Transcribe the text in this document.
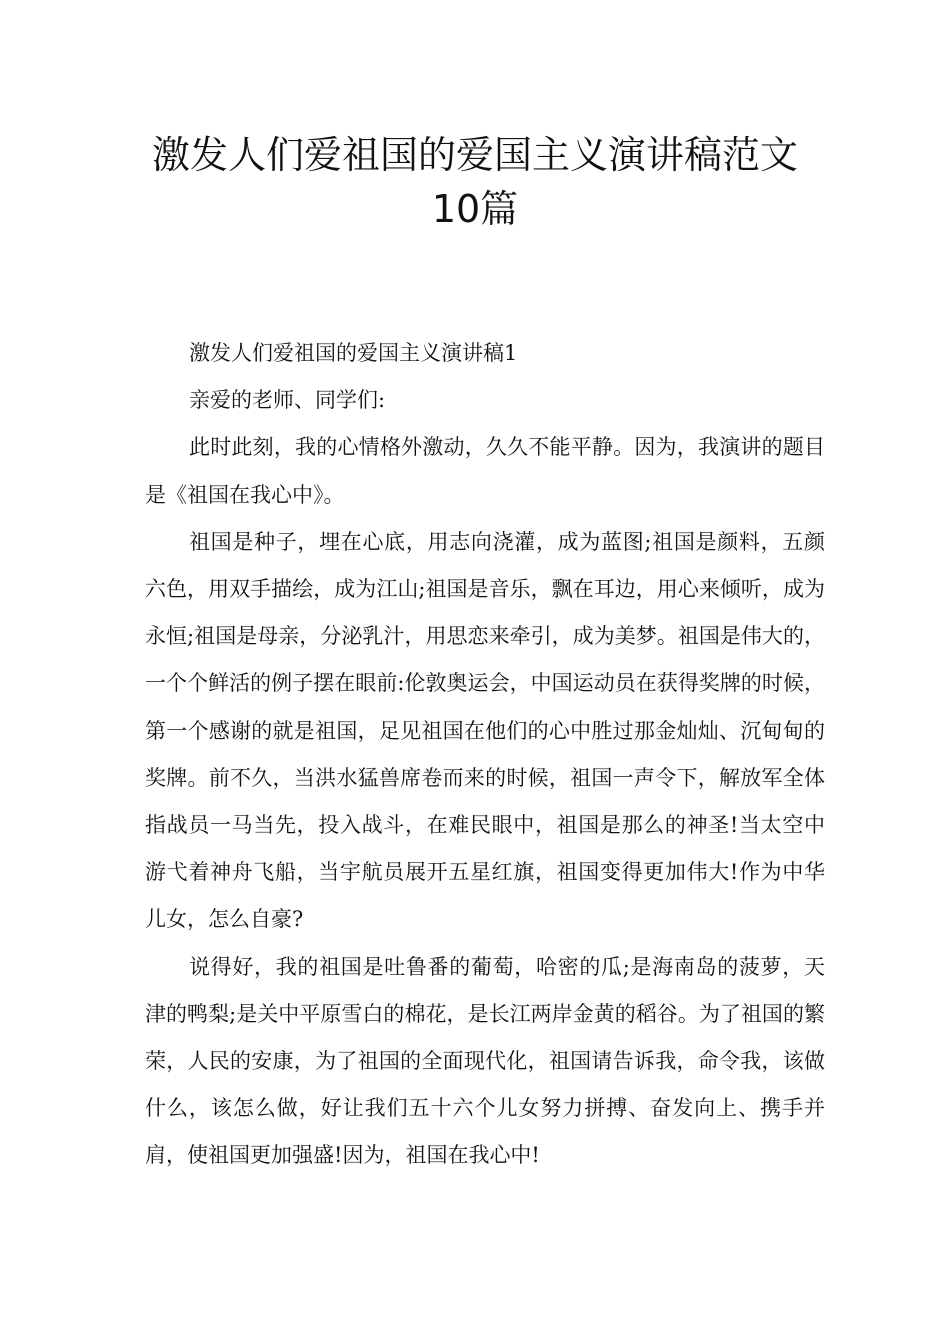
激发人们爱祖国的爱国主义演讲稿范文
10篇

激发人们爱祖国的爱国主义演讲稿1

亲爱的老师、同学们:

此时此刻，我的心情格外激动，久久不能平静。因为，我演讲的题目是《祖国在我心中》。

祖国是种子，埋在心底，用志向浇灌，成为蓝图;祖国是颜料，五颜六色，用双手描绘，成为江山;祖国是音乐，飘在耳边，用心来倾听，成为永恒;祖国是母亲，分泌乳汁，用思恋来牵引，成为美梦。祖国是伟大的，一个个鲜活的例子摆在眼前:伦敦奥运会，中国运动员在获得奖牌的时候，第一个感谢的就是祖国，足见祖国在他们的心中胜过那金灿灿、沉甸甸的奖牌。前不久，当洪水猛兽席卷而来的时候，祖国一声令下，解放军全体指战员一马当先，投入战斗，在难民眼中，祖国是那么的神圣!当太空中游弋着神舟飞船，当宇航员展开五星红旗，祖国变得更加伟大!作为中华儿女，怎么自豪?

说得好，我的祖国是吐鲁番的葡萄，哈密的瓜;是海南岛的菠萝，天津的鸭梨;是关中平原雪白的棉花，是长江两岸金黄的稻谷。为了祖国的繁荣，人民的安康，为了祖国的全面现代化，祖国请告诉我，命令我，该做什么，该怎么做，好让我们五十六个儿女努力拼搏、奋发向上、携手并肩，使祖国更加强盛!因为，祖国在我心中!
